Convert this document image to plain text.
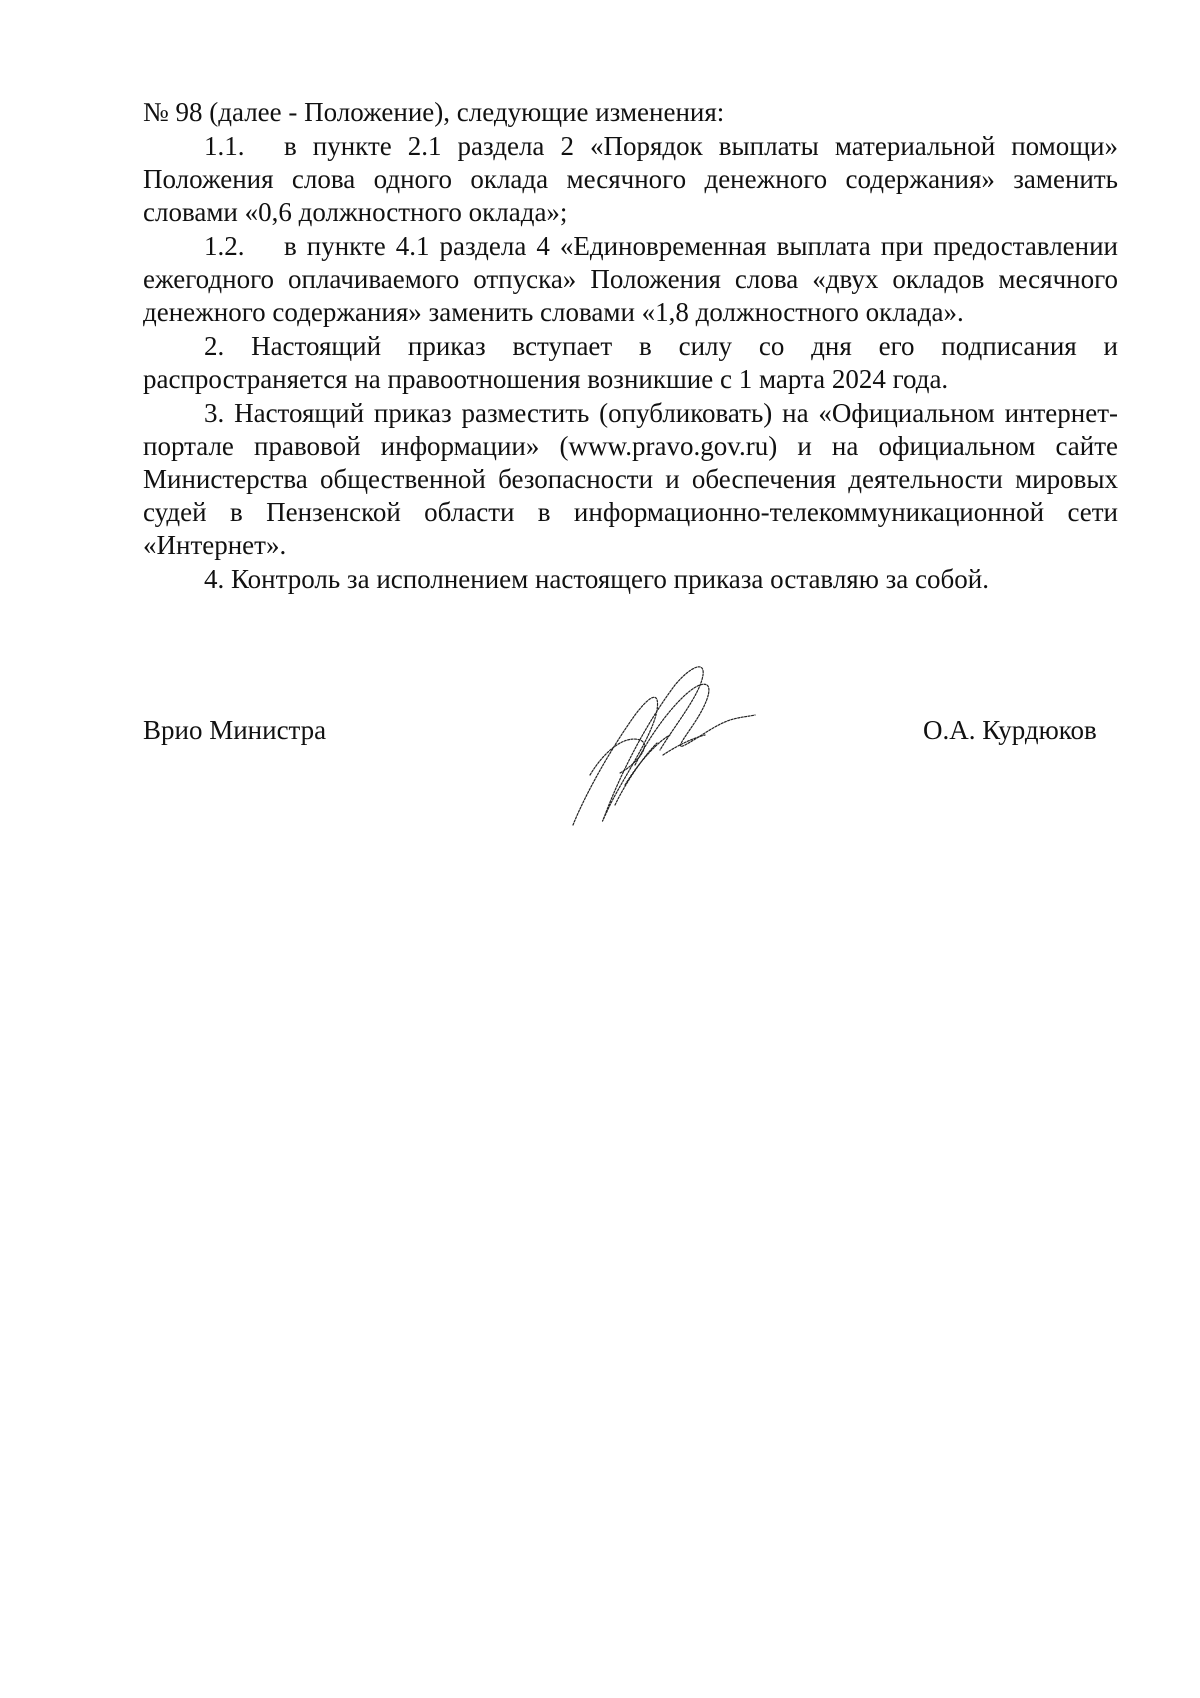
№ 98 (далее - Положение), следующие изменения:

1.1. в пункте 2.1 раздела 2 «Порядок выплаты материальной помощи» Положения слова одного оклада месячного денежного содержания» заменить словами «0,6 должностного оклада»;

1.2. в пункте 4.1 раздела 4 «Единовременная выплата при предоставлении ежегодного оплачиваемого отпуска» Положения слова «двух окладов месячного денежного содержания» заменить словами «1,8 должностного оклада».

2. Настоящий приказ вступает в силу со дня его подписания и распространяется на правоотношения возникшие с 1 марта 2024 года.

3. Настоящий приказ разместить (опубликовать) на «Официальном интернет-портале правовой информации» (www.pravo.gov.ru) и на официальном сайте Министерства общественной безопасности и обеспечения деятельности мировых судей в Пензенской области в информационно-телекоммуникационной сети «Интернет».

4. Контроль за исполнением настоящего приказа оставляю за собой.

Врио Министра	О.А. Курдюков
